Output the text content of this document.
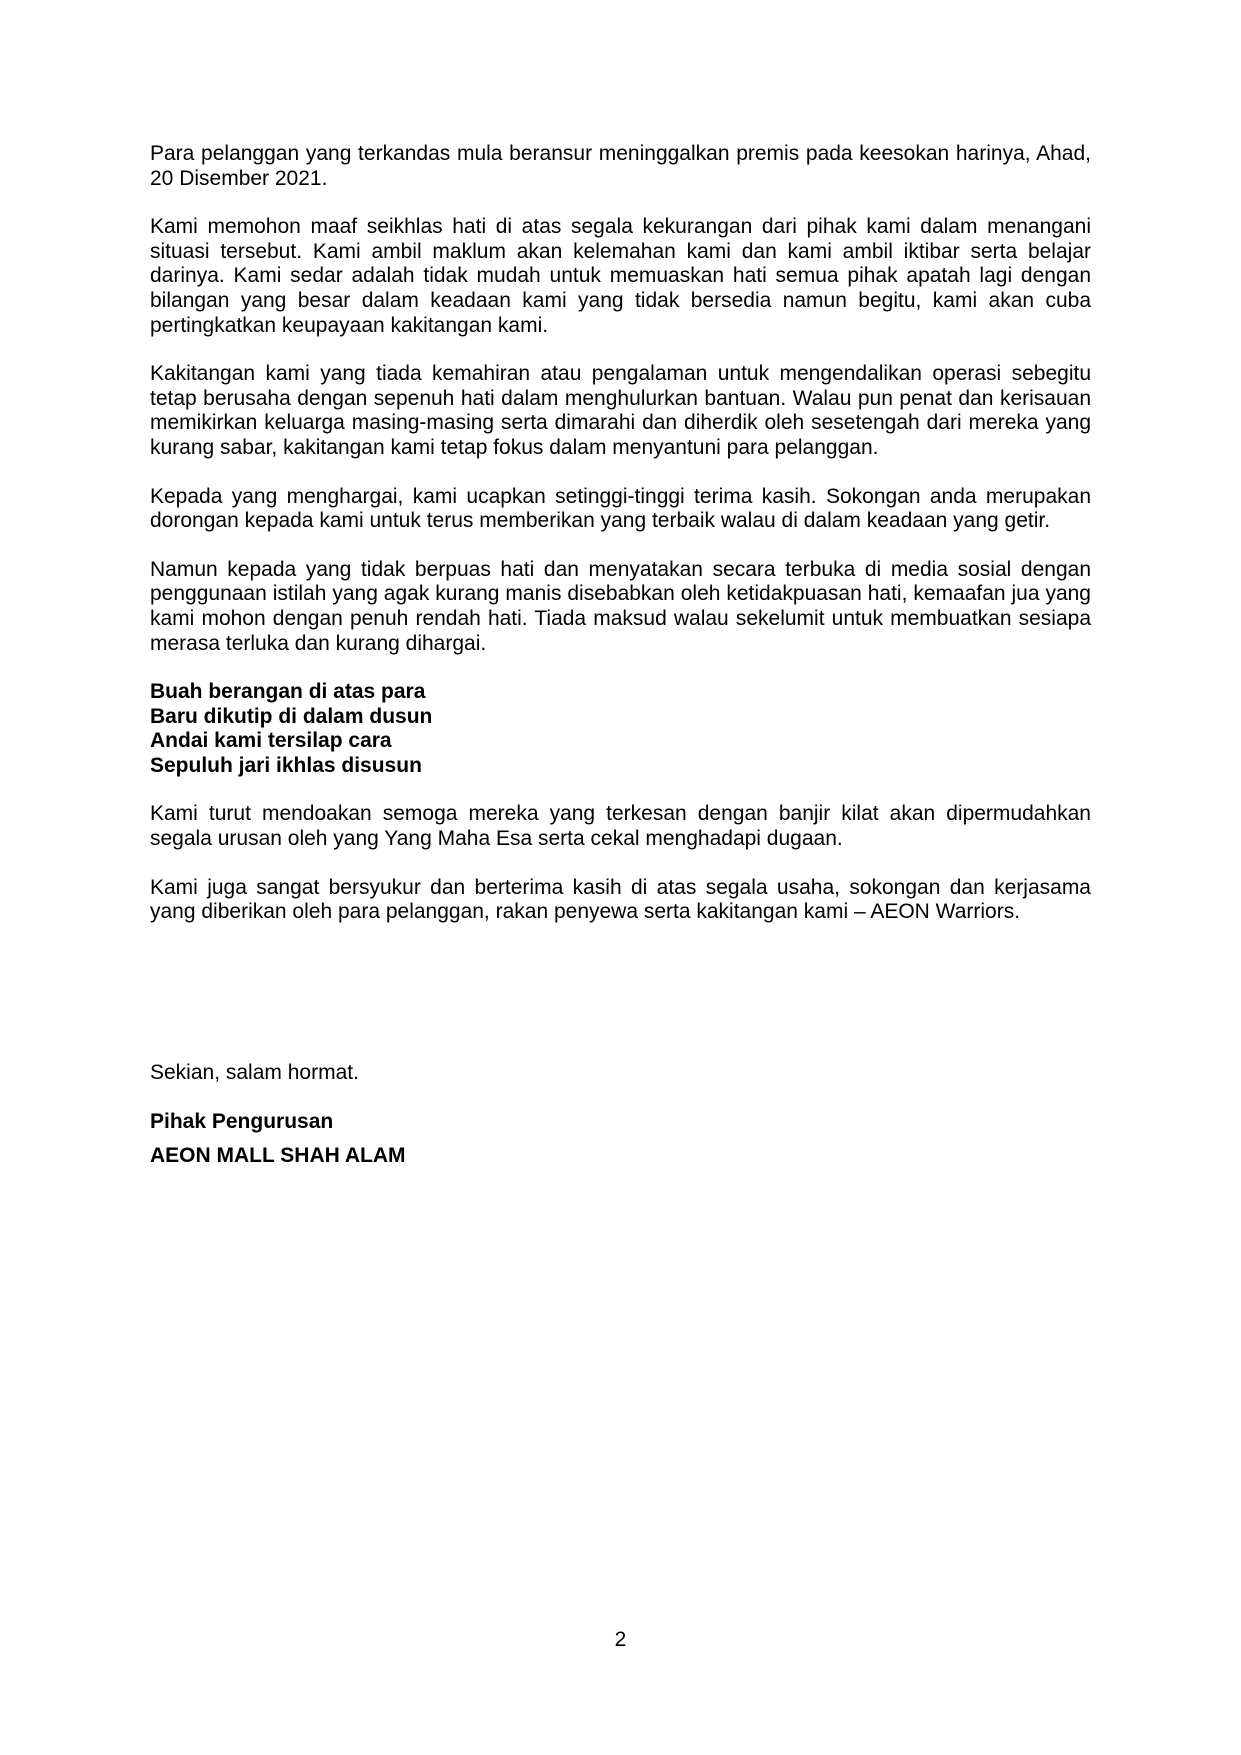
Para pelanggan yang terkandas mula beransur meninggalkan premis pada keesokan harinya, Ahad, 20 Disember 2021.

Kami memohon maaf seikhlas hati di atas segala kekurangan dari pihak kami dalam menangani situasi tersebut. Kami ambil maklum akan kelemahan kami dan kami ambil iktibar serta belajar darinya. Kami sedar adalah tidak mudah untuk memuaskan hati semua pihak apatah lagi dengan bilangan yang besar dalam keadaan kami yang tidak bersedia namun begitu, kami akan cuba pertingkatkan keupayaan kakitangan kami.

Kakitangan kami yang tiada kemahiran atau pengalaman untuk mengendalikan operasi sebegitu tetap berusaha dengan sepenuh hati dalam menghulurkan bantuan. Walau pun penat dan kerisauan memikirkan keluarga masing-masing serta dimarahi dan diherdik oleh sesetengah dari mereka yang kurang sabar, kakitangan kami tetap fokus dalam menyantuni para pelanggan.

Kepada yang menghargai, kami ucapkan setinggi-tinggi terima kasih. Sokongan anda merupakan dorongan kepada kami untuk terus memberikan yang terbaik walau di dalam keadaan yang getir.

Namun kepada yang tidak berpuas hati dan menyatakan secara terbuka di media sosial dengan penggunaan istilah yang agak kurang manis disebabkan oleh ketidakpuasan hati, kemaafan jua yang kami mohon dengan penuh rendah hati. Tiada maksud walau sekelumit untuk membuatkan sesiapa merasa terluka dan kurang dihargai.

Buah berangan di atas para

Baru dikutip di dalam dusun

Andai kami tersilap cara

Sepuluh jari ikhlas disusun

Kami turut mendoakan semoga mereka yang terkesan dengan banjir kilat akan dipermudahkan segala urusan oleh yang Yang Maha Esa serta cekal menghadapi dugaan.

Kami juga sangat bersyukur dan berterima kasih di atas segala usaha, sokongan dan kerjasama yang diberikan oleh para pelanggan, rakan penyewa serta kakitangan kami – AEON Warriors.

Sekian, salam hormat.

Pihak Pengurusan

AEON MALL SHAH ALAM

2
